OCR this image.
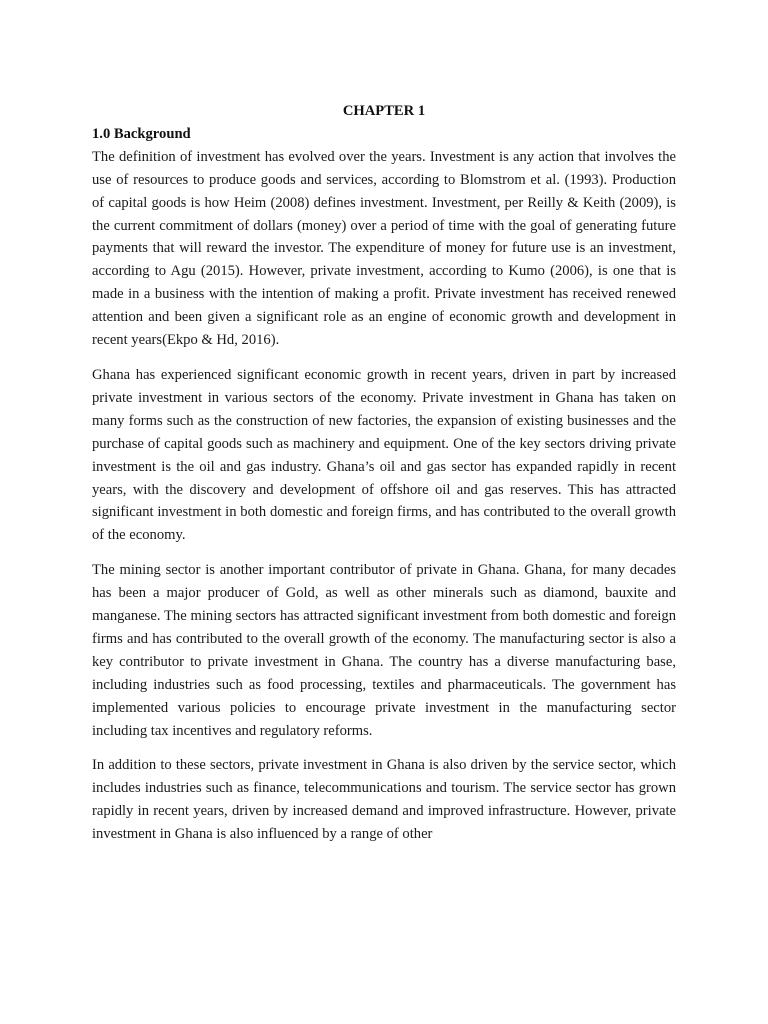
CHAPTER 1

1.0 Background

The definition of investment has evolved over the years. Investment is any action that involves the use of resources to produce goods and services, according to Blomstrom et al. (1993). Production of capital goods is how Heim (2008) defines investment. Investment, per Reilly & Keith (2009), is the current commitment of dollars (money) over a period of time with the goal of generating future payments that will reward the investor. The expenditure of money for future use is an investment, according to Agu (2015). However, private investment, according to Kumo (2006), is one that is made in a business with the intention of making a profit. Private investment has received renewed attention and been given a significant role as an engine of economic growth and development in recent years(Ekpo & Hd, 2016).

Ghana has experienced significant economic growth in recent years, driven in part by increased private investment in various sectors of the economy. Private investment in Ghana has taken on many forms such as the construction of new factories, the expansion of existing businesses and the purchase of capital goods such as machinery and equipment. One of the key sectors driving private investment is the oil and gas industry. Ghana’s oil and gas sector has expanded rapidly in recent years, with the discovery and development of offshore oil and gas reserves. This has attracted significant investment in both domestic and foreign firms, and has contributed to the overall growth of the economy.

The mining sector is another important contributor of private in Ghana. Ghana, for many decades has been a major producer of Gold, as well as other minerals such as diamond, bauxite and manganese. The mining sectors has attracted significant investment from both domestic and foreign firms and has contributed to the overall growth of the economy. The manufacturing sector is also a key contributor to private investment in Ghana. The country has a diverse manufacturing base, including industries such as food processing, textiles and pharmaceuticals. The government has implemented various policies to encourage private investment in the manufacturing sector including tax incentives and regulatory reforms.

In addition to these sectors, private investment in Ghana is also driven by the service sector, which includes industries such as finance, telecommunications and tourism. The service sector has grown rapidly in recent years, driven by increased demand and improved infrastructure. However, private investment in Ghana is also influenced by a range of other
